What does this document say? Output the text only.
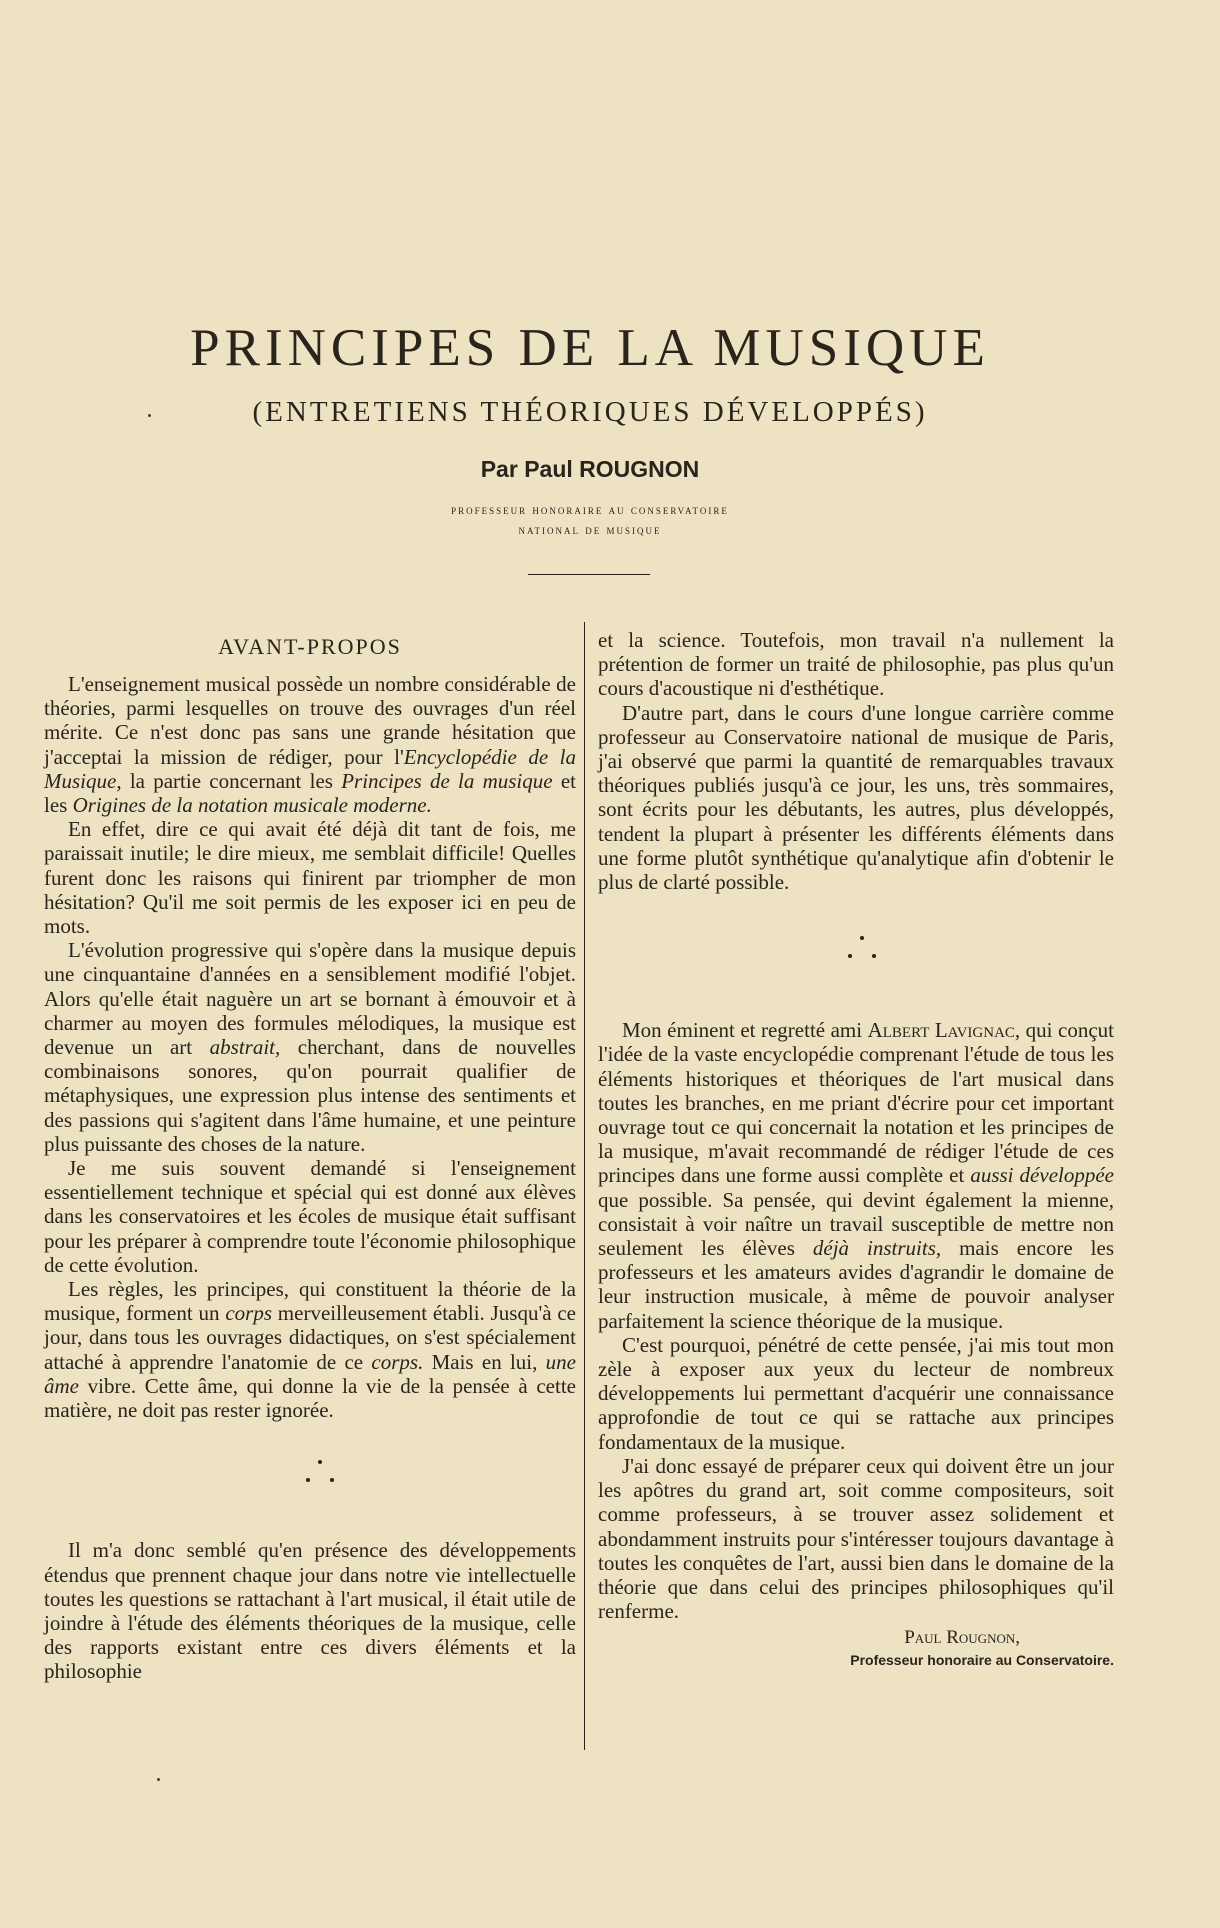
PRINCIPES DE LA MUSIQUE
(ENTRETIENS THÉORIQUES DÉVELOPPÉS)
Par Paul ROUGNON
professeur honoraire au conservatoire
national de musique
AVANT-PROPOS

L'enseignement musical possède un nombre considérable de théories, parmi lesquelles on trouve des ouvrages d'un réel mérite. Ce n'est donc pas sans une grande hésitation que j'acceptai la mission de rédiger, pour l'Encyclopédie de la Musique, la partie concernant les Principes de la musique et les Origines de la notation musicale moderne.

En effet, dire ce qui avait été déjà dit tant de fois, me paraissait inutile; le dire mieux, me semblait difficile! Quelles furent donc les raisons qui finirent par triompher de mon hésitation? Qu'il me soit permis de les exposer ici en peu de mots.

L'évolution progressive qui s'opère dans la musique depuis une cinquantaine d'années en a sensiblement modifié l'objet. Alors qu'elle était naguère un art se bornant à émouvoir et à charmer au moyen des formules mélodiques, la musique est devenue un art abstrait, cherchant, dans de nouvelles combinaisons sonores, qu'on pourrait qualifier de métaphysiques, une expression plus intense des sentiments et des passions qui s'agitent dans l'âme humaine, et une peinture plus puissante des choses de la nature.

Je me suis souvent demandé si l'enseignement essentiellement technique et spécial qui est donné aux élèves dans les conservatoires et les écoles de musique était suffisant pour les préparer à comprendre toute l'économie philosophique de cette évolution.

Les règles, les principes, qui constituent la théorie de la musique, forment un corps merveilleusement établi. Jusqu'à ce jour, dans tous les ouvrages didactiques, on s'est spécialement attaché à apprendre l'anatomie de ce corps. Mais en lui, une âme vibre. Cette âme, qui donne la vie de la pensée à cette matière, ne doit pas rester ignorée.

Il m'a donc semblé qu'en présence des développements étendus que prennent chaque jour dans notre vie intellectuelle toutes les questions se rattachant à l'art musical, il était utile de joindre à l'étude des éléments théoriques de la musique, celle des rapports existant entre ces divers éléments et la philosophie

et la science. Toutefois, mon travail n'a nullement la prétention de former un traité de philosophie, pas plus qu'un cours d'acoustique ni d'esthétique.

D'autre part, dans le cours d'une longue carrière comme professeur au Conservatoire national de musique de Paris, j'ai observé que parmi la quantité de remarquables travaux théoriques publiés jusqu'à ce jour, les uns, très sommaires, sont écrits pour les débutants, les autres, plus développés, tendent la plupart à présenter les différents éléments dans une forme plutôt synthétique qu'analytique afin d'obtenir le plus de clarté possible.

Mon éminent et regretté ami Albert Lavignac, qui conçut l'idée de la vaste encyclopédie comprenant l'étude de tous les éléments historiques et théoriques de l'art musical dans toutes les branches, en me priant d'écrire pour cet important ouvrage tout ce qui concernait la notation et les principes de la musique, m'avait recommandé de rédiger l'étude de ces principes dans une forme aussi complète et aussi développée que possible. Sa pensée, qui devint également la mienne, consistait à voir naître un travail susceptible de mettre non seulement les élèves déjà instruits, mais encore les professeurs et les amateurs avides d'agrandir le domaine de leur instruction musicale, à même de pouvoir analyser parfaitement la science théorique de la musique.

C'est pourquoi, pénétré de cette pensée, j'ai mis tout mon zèle à exposer aux yeux du lecteur de nombreux développements lui permettant d'acquérir une connaissance approfondie de tout ce qui se rattache aux principes fondamentaux de la musique.

J'ai donc essayé de préparer ceux qui doivent être un jour les apôtres du grand art, soit comme compositeurs, soit comme professeurs, à se trouver assez solidement et abondamment instruits pour s'intéresser toujours davantage à toutes les conquêtes de l'art, aussi bien dans le domaine de la théorie que dans celui des principes philosophiques qu'il renferme.

Paul Rougnon,
Professeur honoraire au Conservatoire.
